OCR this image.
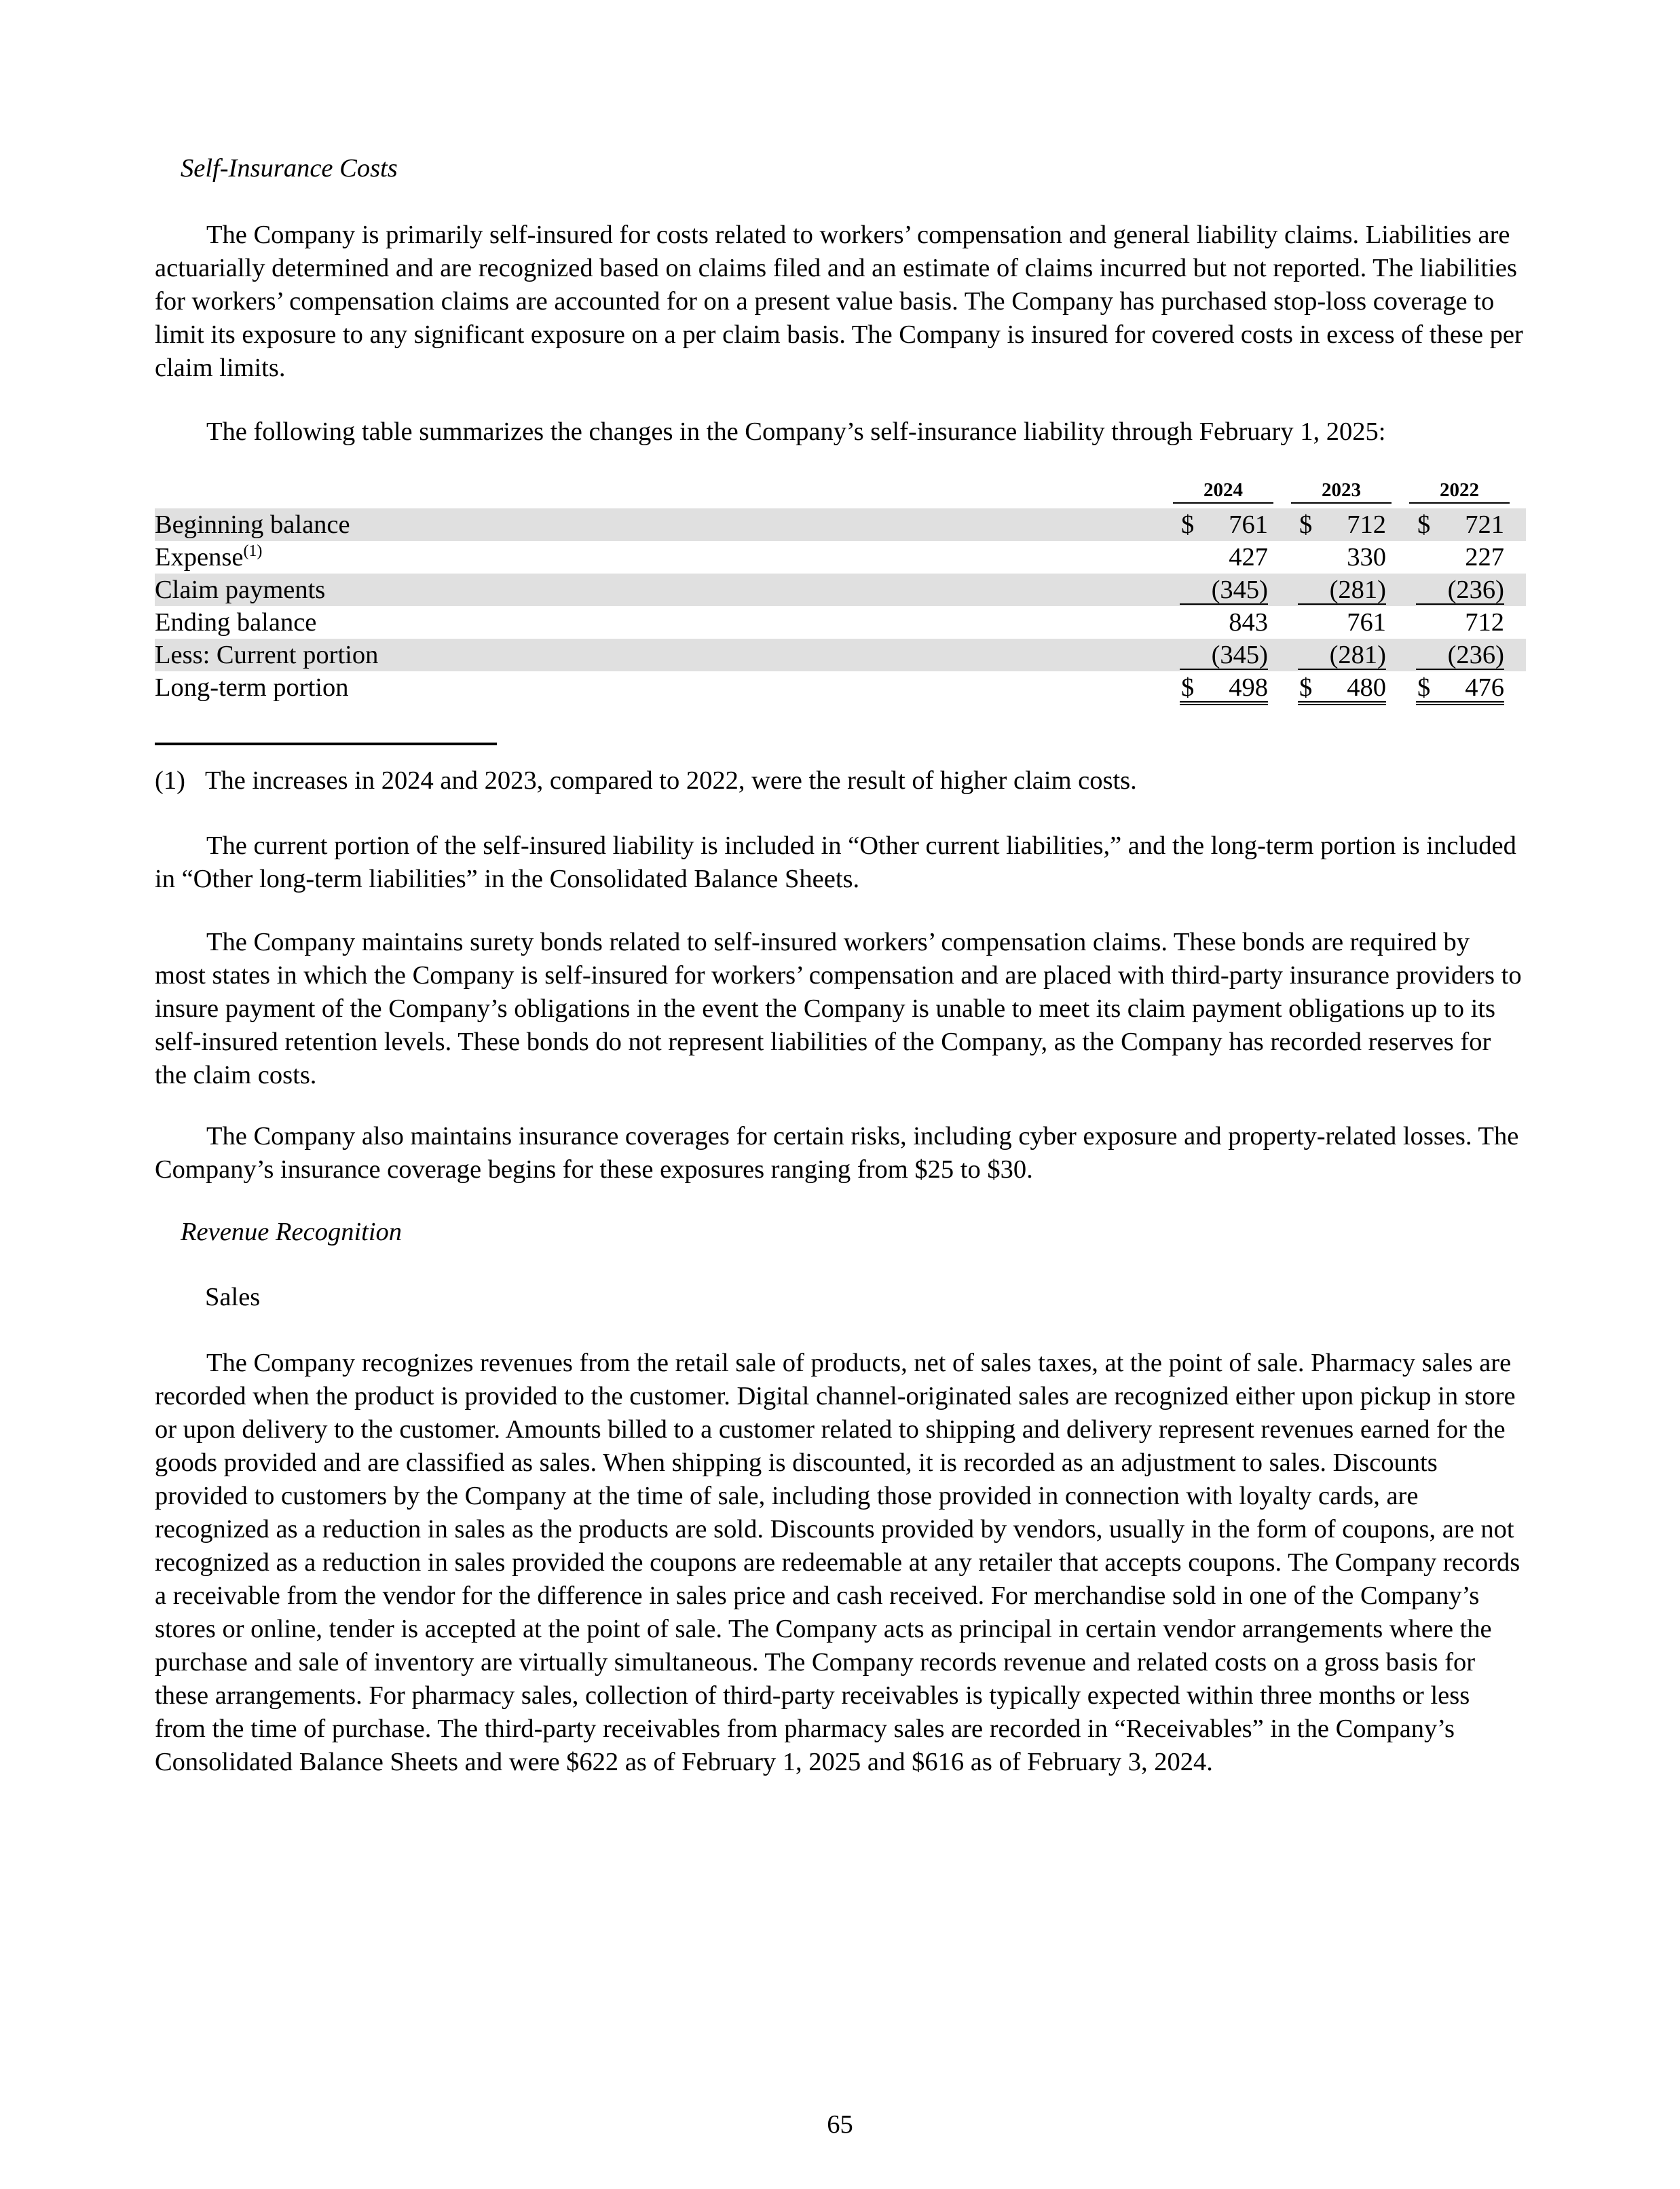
Self-Insurance Costs

The Company is primarily self-insured for costs related to workers’ compensation and general liability claims. Liabilities are actuarially determined and are recognized based on claims filed and an estimate of claims incurred but not reported. The liabilities for workers’ compensation claims are accounted for on a present value basis. The Company has purchased stop-loss coverage to limit its exposure to any significant exposure on a per claim basis. The Company is insured for covered costs in excess of these per claim limits.

The following table summarizes the changes in the Company’s self-insurance liability through February 1, 2025:

2024	2023	2022
Beginning balance	$ 761 $ 712 $ 721
Expense$^{(1)}$	427	330	227
Claim payments	(345)	(281)	(236)
Ending balance	843	761	712
Less: Current portion	(345)	(281)	(236)
Long-term portion	$ 498 $ 480 $ 476
(1) The increases in 2024 and 2023, compared to 2022, were the result of higher claim costs.

The current portion of the self-insured liability is included in “Other current liabilities,” and the long-term portion is included in “Other long-term liabilities” in the Consolidated Balance Sheets.

The Company maintains surety bonds related to self-insured workers’ compensation claims. These bonds are required by most states in which the Company is self-insured for workers’ compensation and are placed with third-party insurance providers to insure payment of the Company’s obligations in the event the Company is unable to meet its claim payment obligations up to its self-insured retention levels. These bonds do not represent liabilities of the Company, as the Company has recorded reserves for the claim costs.

The Company also maintains insurance coverages for certain risks, including cyber exposure and property-related losses. The Company’s insurance coverage begins for these exposures ranging from $25 to $30.

Revenue Recognition
Sales

The Company recognizes revenues from the retail sale of products, net of sales taxes, at the point of sale. Pharmacy sales are recorded when the product is provided to the customer. Digital channel-originated sales are recognized either upon pickup in store or upon delivery to the customer. Amounts billed to a customer related to shipping and delivery represent revenues earned for the goods provided and are classified as sales. When shipping is discounted, it is recorded as an adjustment to sales. Discounts provided to customers by the Company at the time of sale, including those provided in connection with loyalty cards, are recognized as a reduction in sales as the products are sold. Discounts provided by vendors, usually in the form of coupons, are not recognized as a reduction in sales provided the coupons are redeemable at any retailer that accepts coupons. The Company records a receivable from the vendor for the difference in sales price and cash received. For merchandise sold in one of the Company’s stores or online, tender is accepted at the point of sale. The Company acts as principal in certain vendor arrangements where the purchase and sale of inventory are virtually simultaneous. The Company records revenue and related costs on a gross basis for these arrangements. For pharmacy sales, collection of third-party receivables is typically expected within three months or less from the time of purchase. The third-party receivables from pharmacy sales are recorded in “Receivables” in the Company’s Consolidated Balance Sheets and were $622 as of February 1, 2025 and $616 as of February 3, 2024.

65
